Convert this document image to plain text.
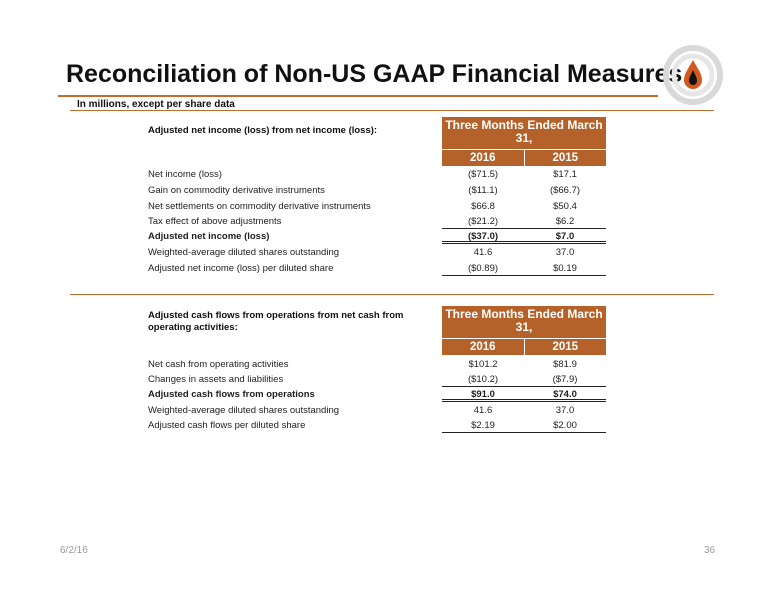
Reconciliation of Non-US GAAP Financial Measures
In millions, except per share data
Adjusted net income (loss) from net income (loss):	Three Months Ended March 31,
2016	2015
Net income (loss)	($71.5)	$17.1
Gain on commodity derivative instruments	($11.1)	($66.7)
Net settlements on commodity derivative instruments	$66.8	$50.4
Tax effect of above adjustments	($21.2)	$6.2
Adjusted net income (loss)	($37.0)	$7.0
Weighted-average diluted shares outstanding	41.6	37.0
Adjusted net income (loss) per diluted share	($0.89)	$0.19
Adjusted cash flows from operations from net cash from
operating activities:
Three Months Ended March 31,
2016	2015
Net cash from operating activities	$101.2	$81.9
Changes in assets and liabilities	($10.2)	($7.9)
Adjusted cash flows from operations	$91.0	$74.0
Weighted-average diluted shares outstanding	41.6	37.0
Adjusted cash flows per diluted share	$2.19	$2.00
6/2/16	36
